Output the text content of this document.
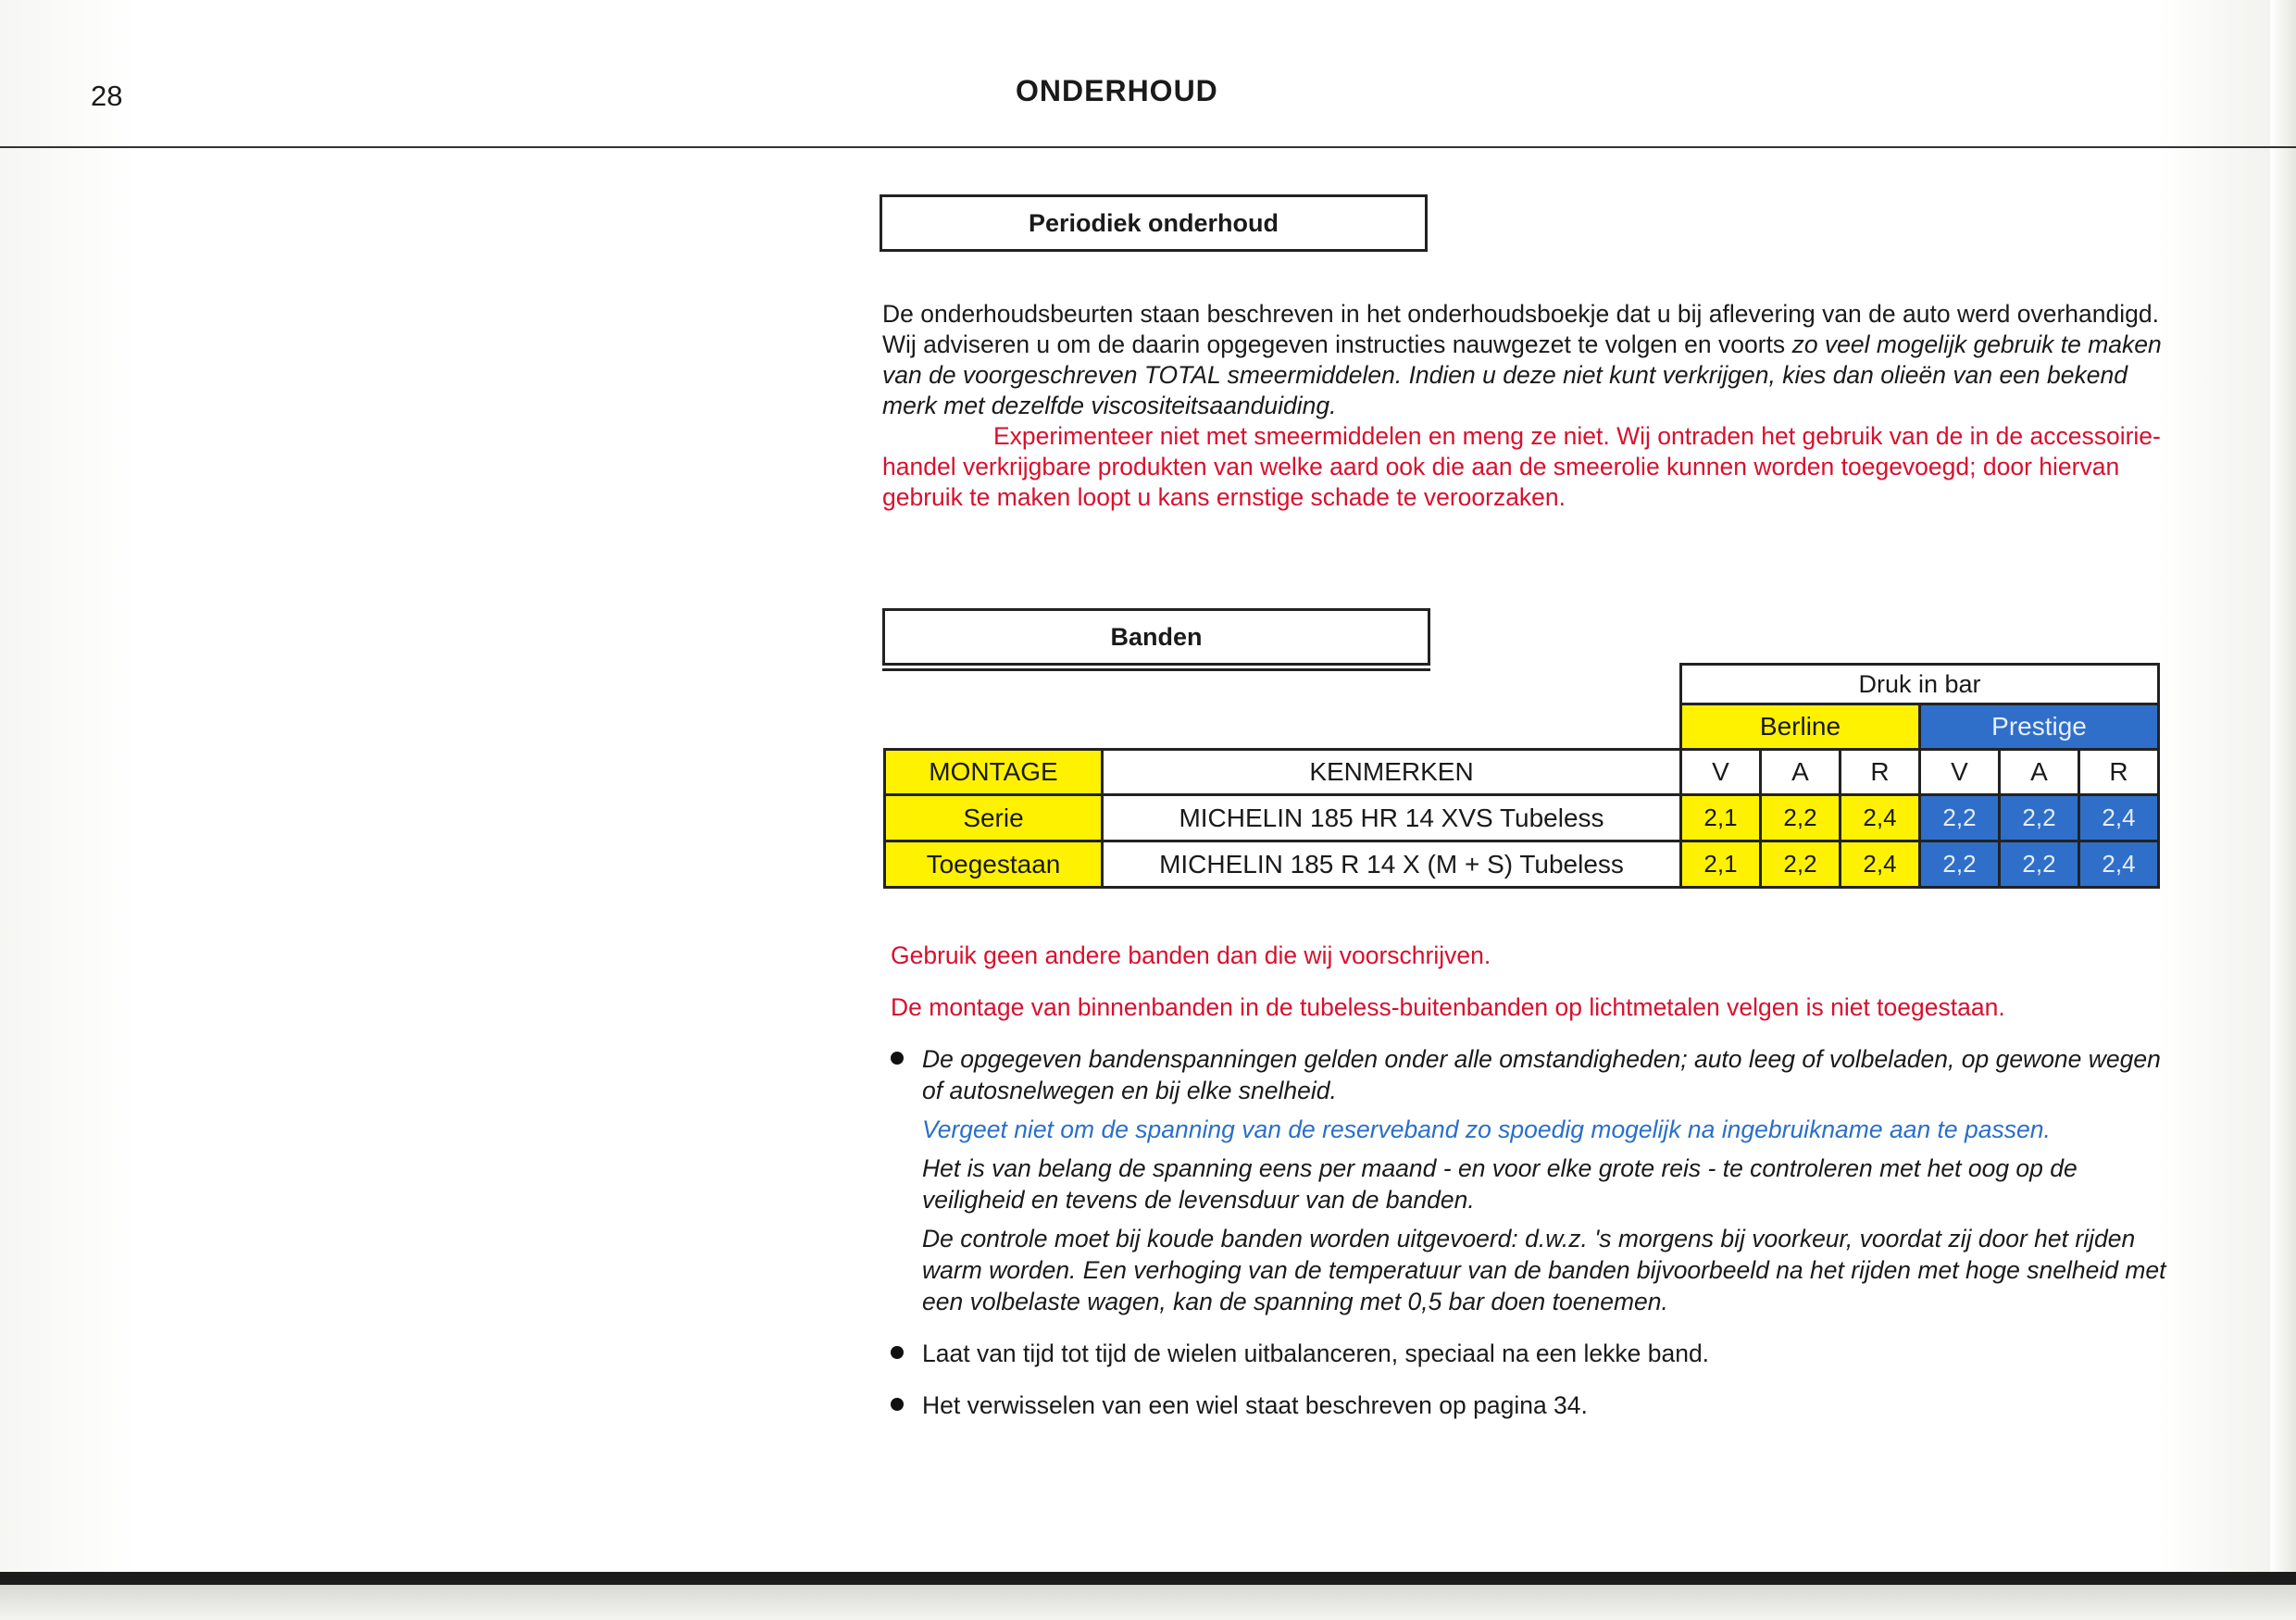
28	ONDERHOUD
Periodiek onderhoud
De onderhoudsbeurten staan beschreven in het onderhoudsboekje dat u bij aflevering van de auto werd overhandigd. Wij adviseren u om de daarin opgegeven instructies nauwgezet te volgen en voorts zo veel mogelijk gebruik te maken van de voorgeschreven TOTAL smeermiddelen. Indien u deze niet kunt verkrijgen, kies dan olieën van een bekend merk met dezelfde viscositeitsaanduiding.
Experimenteer niet met smeermiddelen en meng ze niet. Wij ontraden het gebruik van de in de accessoirie-handel verkrijgbare produkten van welke aard ook die aan de smeerolie kunnen worden toegevoegd; door hiervan gebruik te maken loopt u kans ernstige schade te veroorzaken.
Banden
		Druk in bar					
		Berline			Prestige		
MONTAGE	KENMERKEN	V	A	R	V	A	R
Serie	MICHELIN 185 HR 14 XVS Tubeless	2,1	2,2	2,4	2,2	2,2	2,4
Toegestaan	MICHELIN 185 R 14 X (M + S) Tubeless	2,1	2,2	2,4	2,2	2,2	2,4

Gebruik geen andere banden dan die wij voorschrijven.

De montage van binnenbanden in de tubeless-buitenbanden op lichtmetalen velgen is niet toegestaan.

De opgegeven bandenspanningen gelden onder alle omstandigheden; auto leeg of volbeladen, op gewone wegen of autosnelwegen en bij elke snelheid.
Vergeet niet om de spanning van de reserveband zo spoedig mogelijk na ingebruikname aan te passen.
Het is van belang de spanning eens per maand - en voor elke grote reis - te controleren met het oog op de veiligheid en tevens de levensduur van de banden.
De controle moet bij koude banden worden uitgevoerd: d.w.z. 's morgens bij voorkeur, voordat zij door het rijden warm worden. Een verhoging van de temperatuur van de banden bijvoorbeeld na het rijden met hoge snelheid met een volbelaste wagen, kan de spanning met 0,5 bar doen toenemen.
Laat van tijd tot tijd de wielen uitbalanceren, speciaal na een lekke band.
Het verwisselen van een wiel staat beschreven op pagina 34.
